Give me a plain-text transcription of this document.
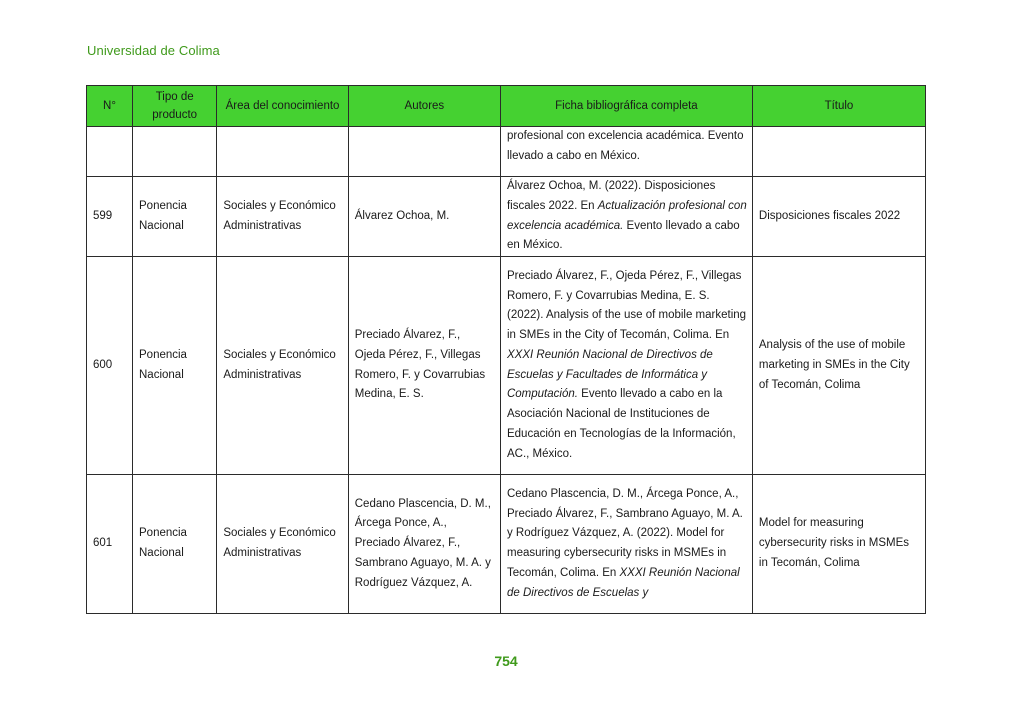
Universidad de Colima
N°	Tipo de producto	Área del conocimiento	Autores	Ficha bibliográfica completa	Título
				profesional con excelencia académica. Evento llevado a cabo en México.	
599	Ponencia Nacional	Sociales y Económico Administrativas	Álvarez Ochoa, M.	Álvarez Ochoa, M. (2022). Disposiciones fiscales 2022. En Actualización profesional con excelencia académica. Evento llevado a cabo en México.	Disposiciones fiscales 2022
600	Ponencia Nacional	Sociales y Económico Administrativas	Preciado Álvarez, F., Ojeda Pérez, F., Villegas Romero, F. y Covarrubias Medina, E. S.	Preciado Álvarez, F., Ojeda Pérez, F., Villegas Romero, F. y Covarrubias Medina, E. S. (2022). Analysis of the use of mobile marketing in SMEs in the City of Tecomán, Colima. En XXXI Reunión Nacional de Directivos de Escuelas y Facultades de Informática y Computación. Evento llevado a cabo en la Asociación Nacional de Instituciones de Educación en Tecnologías de la Información, AC., México.	Analysis of the use of mobile marketing in SMEs in the City of Tecomán, Colima
601	Ponencia Nacional	Sociales y Económico Administrativas	Cedano Plascencia, D. M., Árcega Ponce, A., Preciado Álvarez, F., Sambrano Aguayo, M. A. y Rodríguez Vázquez, A.	Cedano Plascencia, D. M., Árcega Ponce, A., Preciado Álvarez, F., Sambrano Aguayo, M. A. y Rodríguez Vázquez, A. (2022). Model for measuring cybersecurity risks in MSMEs in Tecomán, Colima. En XXXI Reunión Nacional de Directivos de Escuelas y	Model for measuring cybersecurity risks in MSMEs in Tecomán, Colima
754
